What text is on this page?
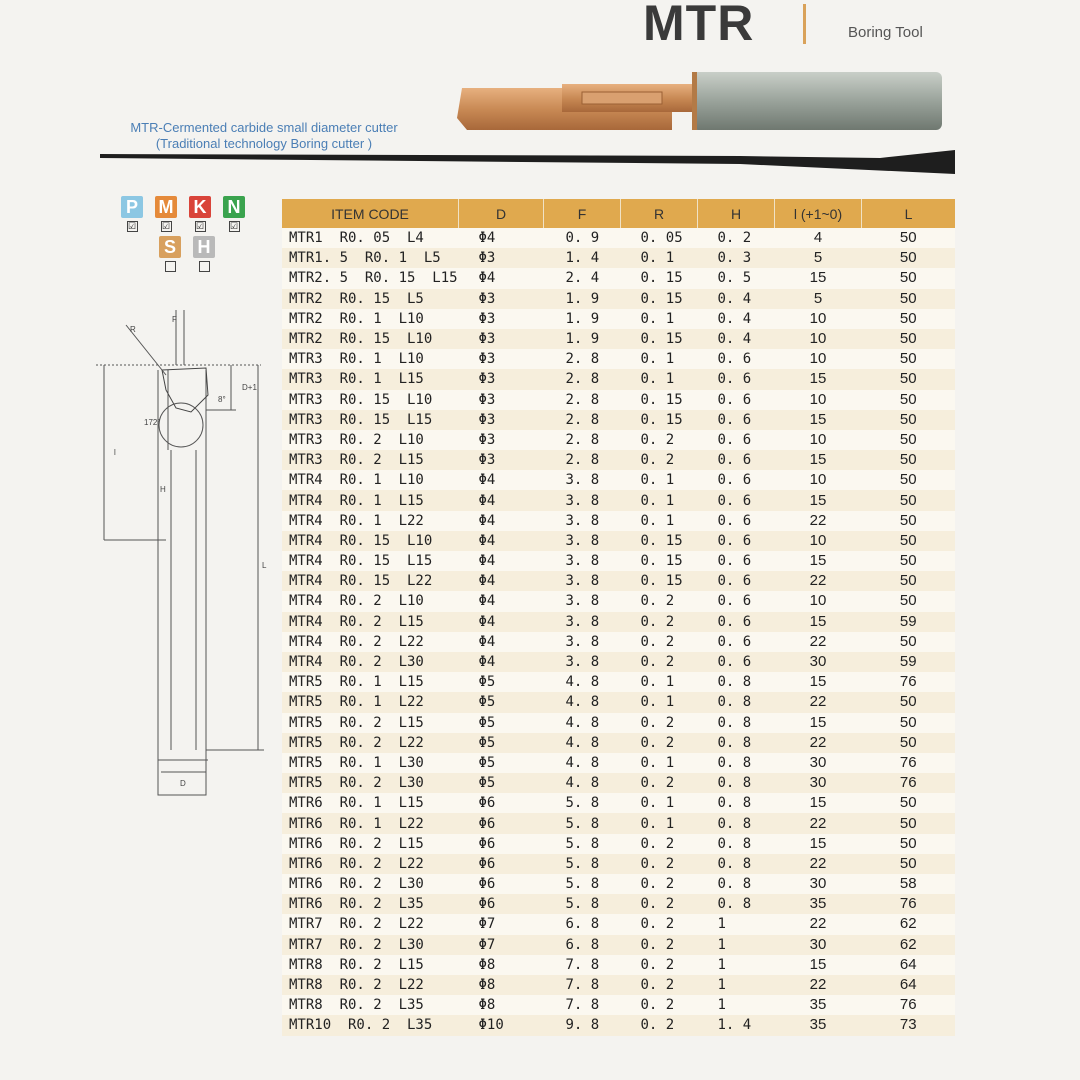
MTR	Boring Tool
MTR-Cermented carbide small diameter cutter
(Traditional technology Boring cutter )
P
☑
M
☑
K
☑
N
☑
S H
F
R
D+1
8°
172°
l
H
L
D
ITEM CODE	D	F	R	H	l (+1~0)	L
MTR1  R0. 05  L4	Φ4	0. 9	0. 05	0. 2	4	50
MTR1. 5  R0. 1  L5	Φ3	1. 4	0. 1	0. 3	5	50
MTR2. 5  R0. 15  L15	Φ4	2. 4	0. 15	0. 5	15	50
MTR2  R0. 15  L5	Φ3	1. 9	0. 15	0. 4	5	50
MTR2  R0. 1  L10	Φ3	1. 9	0. 1	0. 4	10	50
MTR2  R0. 15  L10	Φ3	1. 9	0. 15	0. 4	10	50
MTR3  R0. 1  L10	Φ3	2. 8	0. 1	0. 6	10	50
MTR3  R0. 1  L15	Φ3	2. 8	0. 1	0. 6	15	50
MTR3  R0. 15  L10	Φ3	2. 8	0. 15	0. 6	10	50
MTR3  R0. 15  L15	Φ3	2. 8	0. 15	0. 6	15	50
MTR3  R0. 2  L10	Φ3	2. 8	0. 2	0. 6	10	50
MTR3  R0. 2  L15	Φ3	2. 8	0. 2	0. 6	15	50
MTR4  R0. 1  L10	Φ4	3. 8	0. 1	0. 6	10	50
MTR4  R0. 1  L15	Φ4	3. 8	0. 1	0. 6	15	50
MTR4  R0. 1  L22	Φ4	3. 8	0. 1	0. 6	22	50
MTR4  R0. 15  L10	Φ4	3. 8	0. 15	0. 6	10	50
MTR4  R0. 15  L15	Φ4	3. 8	0. 15	0. 6	15	50
MTR4  R0. 15  L22	Φ4	3. 8	0. 15	0. 6	22	50
MTR4  R0. 2  L10	Φ4	3. 8	0. 2	0. 6	10	50
MTR4  R0. 2  L15	Φ4	3. 8	0. 2	0. 6	15	59
MTR4  R0. 2  L22	Φ4	3. 8	0. 2	0. 6	22	50
MTR4  R0. 2  L30	Φ4	3. 8	0. 2	0. 6	30	59
MTR5  R0. 1  L15	Φ5	4. 8	0. 1	0. 8	15	76
MTR5  R0. 1  L22	Φ5	4. 8	0. 1	0. 8	22	50
MTR5  R0. 2  L15	Φ5	4. 8	0. 2	0. 8	15	50
MTR5  R0. 2  L22	Φ5	4. 8	0. 2	0. 8	22	50
MTR5  R0. 1  L30	Φ5	4. 8	0. 1	0. 8	30	76
MTR5  R0. 2  L30	Φ5	4. 8	0. 2	0. 8	30	76
MTR6  R0. 1  L15	Φ6	5. 8	0. 1	0. 8	15	50
MTR6  R0. 1  L22	Φ6	5. 8	0. 1	0. 8	22	50
MTR6  R0. 2  L15	Φ6	5. 8	0. 2	0. 8	15	50
MTR6  R0. 2  L22	Φ6	5. 8	0. 2	0. 8	22	50
MTR6  R0. 2  L30	Φ6	5. 8	0. 2	0. 8	30	58
MTR6  R0. 2  L35	Φ6	5. 8	0. 2	0. 8	35	76
MTR7  R0. 2  L22	Φ7	6. 8	0. 2	1	22	62
MTR7  R0. 2  L30	Φ7	6. 8	0. 2	1	30	62
MTR8  R0. 2  L15	Φ8	7. 8	0. 2	1	15	64
MTR8  R0. 2  L22	Φ8	7. 8	0. 2	1	22	64
MTR8  R0. 2  L35	Φ8	7. 8	0. 2	1	35	76
MTR10  R0. 2  L35	Φ10	9. 8	0. 2	1. 4	35	73
